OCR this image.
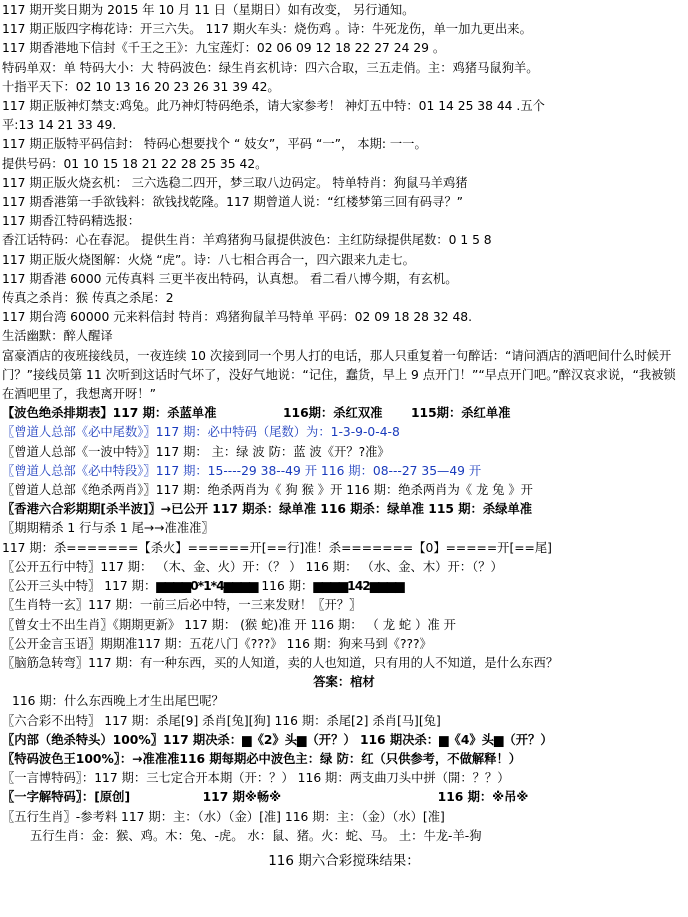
117 期开奖日期为 2015 年 10 月 11 日（星期日）如有改变， 另行通知。
117 期正版四字梅花诗：开三六失。 117 期火车头：烧伤鸡 。诗：牛死龙伤，单一加九更出来。
117 期香港地下信封《千王之王》：九宝莲灯：02 06 09 12 18 22 27 24 29 。
特码单双：单 特码大小：大 特码波色：绿生肖玄机诗：四六合取，三五走俏。主：鸡猪马鼠狗羊。
十指平天下：02 10 13 16 20 23 26 31 39 42。
117 期正版神灯禁支:鸡兔。此乃神灯特码绝杀，请大家参考！ 神灯五中特：01 14 25 38 44 .五个
平:13 14 21 33 49.
117 期正版特平码信封： 特码心想要找个 “ 妓女”，平码 “一”， 本期: 一一。
提供号码：01 10 15 18 21 22 28 25 35 42。
117 期正版火烧玄机： 三六选稳二四开，梦三取八边码定。 特单特肖：狗鼠马羊鸡猪
117 期香港第一手欲钱料：欲钱找乾隆。117 期曾道人说：“红楼梦第三回有码寻？”
117 期香江特码精选报：
香江话特码：心在春泥。 提供生肖：羊鸡猪狗马鼠提供波色：主红防绿提供尾数：0 1 5 8
117 期正版火烧图解：火烧 “虎”。诗：八七相合再合一，四六跟来九走七。
117 期香港 6000 元传真料 三更半夜出特码，认真想。 看二看八博今期，有玄机。
传真之杀肖：猴 传真之杀尾：2
117 期台湾 60000 元来料信封 特肖：鸡猪狗鼠羊马特单 平码：02 09 18 28 32 48.
生活幽默：醉人醒译
富豪酒店的夜班接线员，一夜连续 10 次接到同一个男人打的电话，那人只重复着一句醉话：“请问酒店的酒吧间什么时候开门？”接线员第 11 次听到这话时气坏了，没好气地说：“记住，蠢货，早上 9 点开门！”“早点开门吧。”醉汉哀求说，“我被锁在酒吧里了，我想离开呀！”
【波色绝杀排期表】117 期：杀蓝单准	116期：杀红双准 115期：杀红单准
〖曾道人总部《必中尾数》〗117 期：必中特码（尾数）为：1-3-9-0-4-8
〖曾道人总部《一波中特》〗117 期： 主：绿 波 防：蓝 波《开？?准》
〖曾道人总部《必中特段》〗117 期：15----29 38--49 开 116 期：08---27 35—49 开
〖曾道人总部《绝杀两肖》〗117 期：绝杀两肖为《 狗 猴 》开 116 期：绝杀两肖为《 龙 兔 》开
〖香港六合彩期期[杀半波]〗→已公开 117 期杀：绿单准 116 期杀：绿单准 115 期：杀绿单准
〖期期精杀 1 行与杀 1 尾→→准准准〗
117 期：杀=======【杀火】======开[==行]准！杀=======【0】=====开[==尾]
〖公开五行中特〗117 期： （木、金、火）开：（？ ） 116 期： （水、金、木）开：（？）
〖公开三头中特〗 117 期：▆▆▆▆0*1*4▆▆▆▆ 116 期：▆▆▆▆142▆▆▆▆
〖生肖特一玄〗117 期：一前三后必中特，一三来发财！〖开？〗
〖曾女士不出生肖〗《期期更新》 117 期： (猴 蛇)准 开 116 期： （ 龙 蛇 ）准 开
〖公开金言玉语〗期期准117 期：五花八门《???》 116 期：狗来马到《???》
〖脑筋急转弯〗117 期：有一种东西，买的人知道，卖的人也知道，只有用的人不知道，是什么东西？
答案：棺材
116 期：什么东西晚上才生出尾巴呢？
〖六合彩不出特〗 117 期：杀尾[9] 杀肖[兔][狗] 116 期：杀尾[2] 杀肖[马][兔]
〖内部（绝杀特头）100%〗117 期决杀：▆《2》头▆（开？） 116 期决杀：▆《4》头▆（开？）
〖特码波色王100%〗：→准准准116 期每期必中波色主：绿 防：红（只供参考，不做解释！）
〖一言博特码〗：117 期：三七定合开本期（开：？） 116 期：两支曲刀头中拼（開：？？）
〖一字解特码〗：[原创]	117 期※畅※	116 期：※吊※
〖五行生肖〗-参考料 117 期：主：（水）（金）[准] 116 期：主：（金）（水）[准]
五行生肖：金：猴、鸡。木：兔、-虎。 水：鼠、猪。火：蛇、马。 土：牛龙-羊-狗
116 期六合彩搅珠结果：
